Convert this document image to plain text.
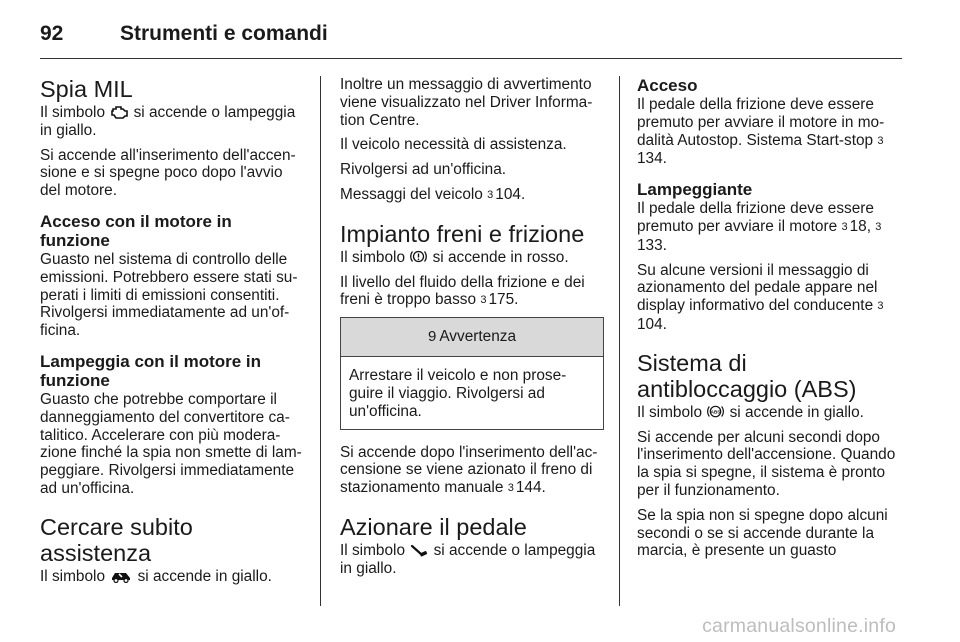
92	Strumenti e comandi
Spia MIL

Il simbolo si accende o lampeggia in giallo.

Si accende all'inserimento dell'accen-sione e si spegne poco dopo l'avvio del motore.

Acceso con il motore in funzione

Guasto nel sistema di controllo delle emissioni. Potrebbero essere stati su-perati i limiti di emissioni consentiti. Rivolgersi immediatamente ad un'of-ficina.

Lampeggia con il motore in funzione

Guasto che potrebbe comportare il danneggiamento del convertitore ca-talitico. Accelerare con più modera-zione finché la spia non smette di lam-peggiare. Rivolgersi immediatamente ad un'officina.

Cercare subito assistenza

Il simbolo si accende in giallo.

Inoltre un messaggio di avvertimento viene visualizzato nel Driver Informa-tion Centre.

Il veicolo necessità di assistenza.

Rivolgersi ad un'officina.

Messaggi del veicolo 3 104.

Impianto freni e frizione

Il simbolo si accende in rosso.

Il livello del fluido della frizione e dei freni è troppo basso 3 175.

9 Avvertenza
Arrestare il veicolo e non prose-guire il viaggio. Rivolgersi ad un'officina.

Si accende dopo l'inserimento dell'ac-censione se viene azionato il freno di stazionamento manuale 3 144.

Azionare il pedale

Il simbolo si accende o lampeggia in giallo.

Acceso

Il pedale della frizione deve essere premuto per avviare il motore in mo-dalità Autostop. Sistema Start-stop 3134.

Lampeggiante

Il pedale della frizione deve essere premuto per avviare il motore 3 18, 3133.

Su alcune versioni il messaggio di azionamento del pedale appare nel display informativo del conducente 3104.

Sistema di antibloccaggio (ABS)

Il simbolo ABS si accende in giallo.

Si accende per alcuni secondi dopo l'inserimento dell'accensione. Quando la spia si spegne, il sistema è pronto per il funzionamento.

Se la spia non si spegne dopo alcuni secondi o se si accende durante la marcia, è presente un guasto

carmanualsonline.info
